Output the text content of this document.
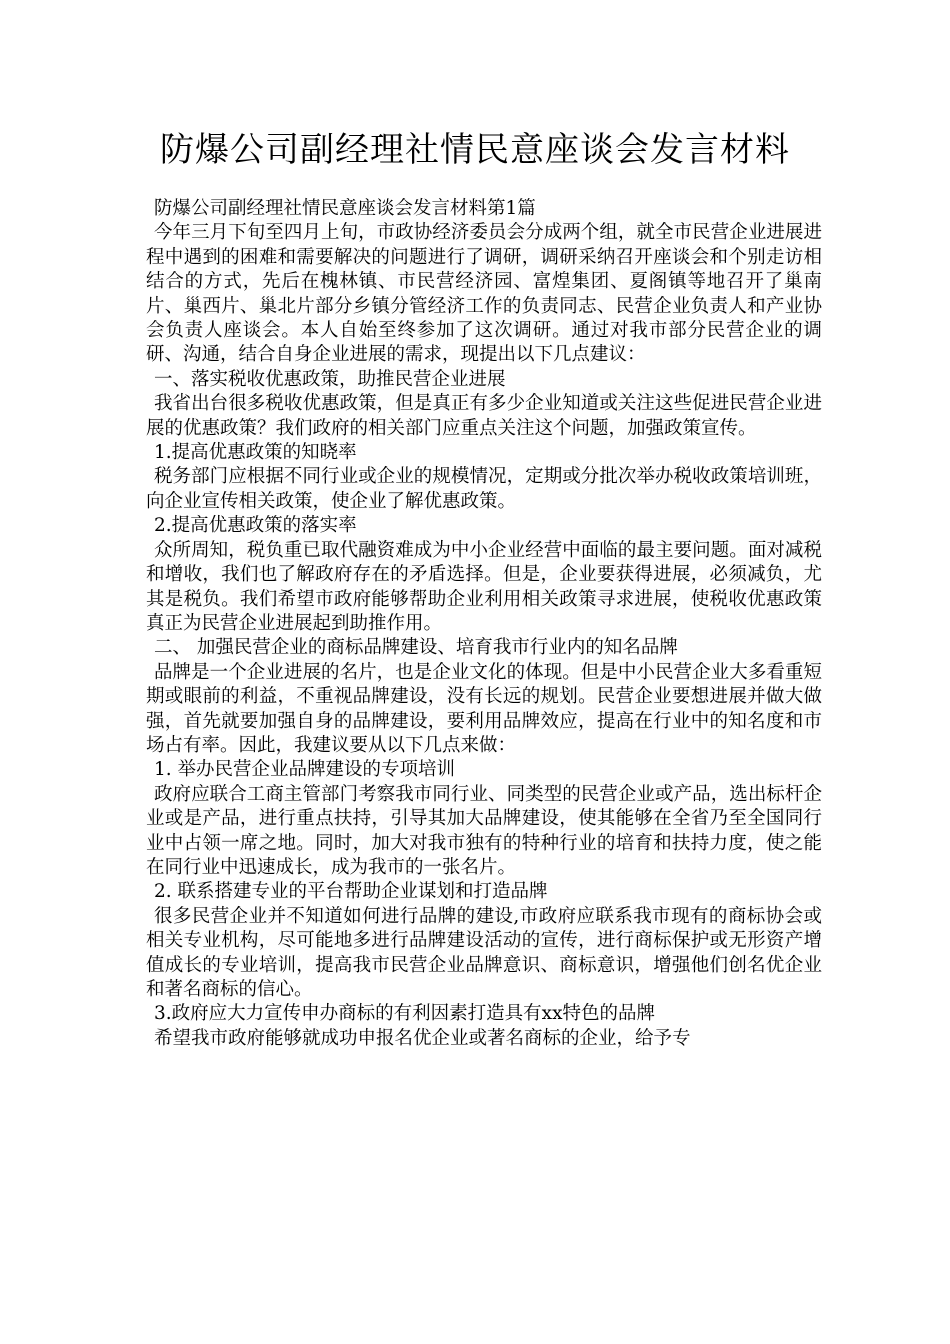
防爆公司副经理社情民意座谈会发言材料

防爆公司副经理社情民意座谈会发言材料第1篇

今年三月下旬至四月上旬，市政协经济委员会分成两个组，就全市民营企业进展进程中遇到的困难和需要解决的问题进行了调研，调研采纳召开座谈会和个别走访相结合的方式，先后在槐林镇、市民营经济园、富煌集团、夏阁镇等地召开了巢南片、巢西片、巢北片部分乡镇分管经济工作的负责同志、民营企业负责人和产业协会负责人座谈会。本人自始至终参加了这次调研。通过对我市部分民营企业的调研、沟通，结合自身企业进展的需求，现提出以下几点建议：

一、落实税收优惠政策，助推民营企业进展

我省出台很多税收优惠政策，但是真正有多少企业知道或关注这些促进民营企业进展的优惠政策？我们政府的相关部门应重点关注这个问题，加强政策宣传。

1.提高优惠政策的知晓率

税务部门应根据不同行业或企业的规模情况，定期或分批次举办税收政策培训班，向企业宣传相关政策，使企业了解优惠政策。

2.提高优惠政策的落实率

众所周知，税负重已取代融资难成为中小企业经营中面临的最主要问题。面对减税和增收，我们也了解政府存在的矛盾选择。但是，企业要获得进展，必须减负，尤其是税负。我们希望市政府能够帮助企业利用相关政策寻求进展，使税收优惠政策真正为民营企业进展起到助推作用。

二、 加强民营企业的商标品牌建设、培育我市行业内的知名品牌

品牌是一个企业进展的名片，也是企业文化的体现。但是中小民营企业大多看重短期或眼前的利益，不重视品牌建设，没有长远的规划。民营企业要想进展并做大做强，首先就要加强自身的品牌建设，要利用品牌效应，提高在行业中的知名度和市场占有率。因此，我建议要从以下几点来做：

1. 举办民营企业品牌建设的专项培训

政府应联合工商主管部门考察我市同行业、同类型的民营企业或产品，选出标杆企业或是产品，进行重点扶持，引导其加大品牌建设，使其能够在全省乃至全国同行业中占领一席之地。同时，加大对我市独有的特种行业的培育和扶持力度，使之能在同行业中迅速成长，成为我市的一张名片。

2. 联系搭建专业的平台帮助企业谋划和打造品牌

很多民营企业并不知道如何进行品牌的建设,市政府应联系我市现有的商标协会或相关专业机构，尽可能地多进行品牌建设活动的宣传，进行商标保护或无形资产增值成长的专业培训，提高我市民营企业品牌意识、商标意识，增强他们创名优企业和著名商标的信心。

3.政府应大力宣传申办商标的有利因素打造具有xx特色的品牌

希望我市政府能够就成功申报名优企业或著名商标的企业，给予专
